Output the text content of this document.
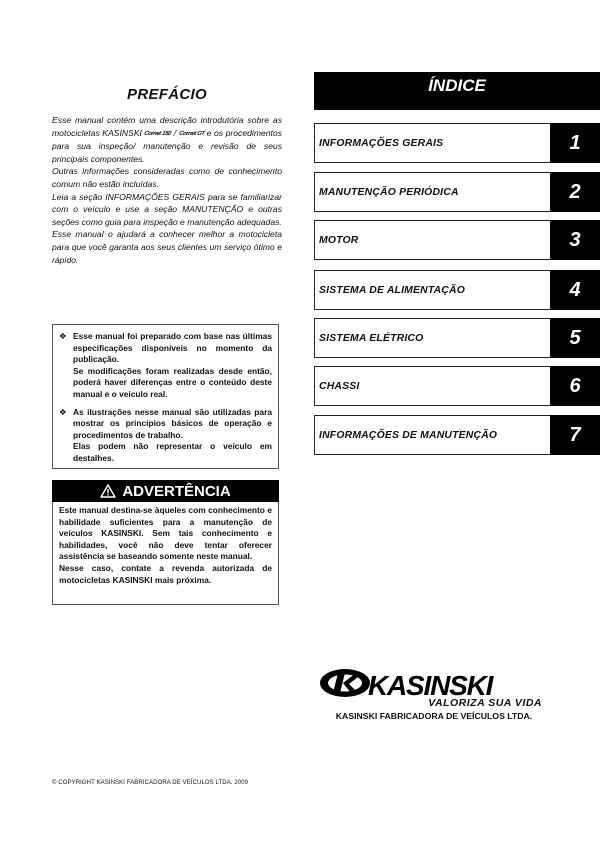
PREFÁCIO

Esse manual contém uma descrição introdutória sobre as motocicletas KASINSKI Comet 150 / Comet GT e os procedimentos para sua inspeção/ manutenção e revisão de seus principais componentes.

Outras informações consideradas como de conhecimento comum não estão incluídas.

Leia a seção INFORMAÇÕES GERAIS para se familiarizar com o veículo e use a seção MANUTENÇÃO e outras seções como guia para inspeção e manutenção adequadas.

Esse manual o ajudará a conhecer melhor a motocicleta para que você garanta aos seus clientes um serviço ótimo e rápido.

❖ Esse manual foi preparado com base nas últimas especificações disponíveis no momento da publicação.

Se modificações foram realizadas desde então, poderá haver diferenças entre o conteúdo deste manual e o veículo real.

❖ As ilustrações nesse manual são utilizadas para mostrar os princípios básicos de operação e procedimentos de trabalho.

Elas podem não representar o veículo em destalhes.

ADVERTÊNCIA

Este manual destina-se àqueles com conhecimento e habilidade suficientes para a manutenção de veículos KASINSKI. Sem tais conhecimento e habilidades, você não deve tentar oferecer assistência se baseando somente neste manual.

Nesse caso, contate a revenda autorizada de motocicletas KASINSKI mais próxima.

ÍNDICE
INFORMAÇÕES GERAIS	1
MANUTENÇÃO PERIÓDICA	2
MOTOR	3
SISTEMA DE ALIMENTAÇÃO	4
SISTEMA ELÉTRICO	5
CHASSI	6
INFORMAÇÕES DE MANUTENÇÃO	7
KASINSKI
VALORIZA SUA VIDA
KASINSKI FABRICADORA DE VEÍCULOS LTDA.
© COPYRIGHT KASINSKI FABRICADORA DE VEÍCULOS LTDA. 2009
